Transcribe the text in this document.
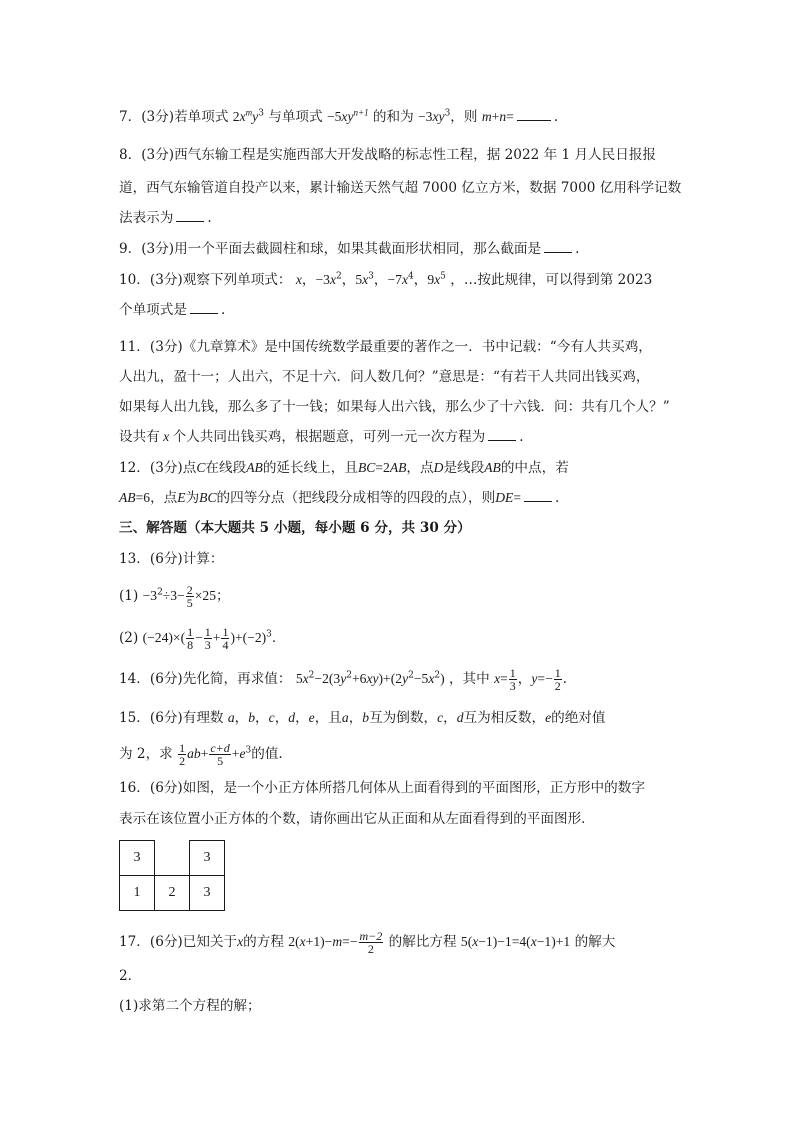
7．(3分)若单项式 $2x^my^3$ 与单项式 $-5xy^{n+1}$ 的和为 $-3xy^3$，则 m+n=	.
8．(3分)西气东输工程是实施西部大开发战略的标志性工程，据 2022 年 1 月人民日报报
道，西气东输管道自投产以来，累计输送天然气超 7000 亿立方米，数据 7000 亿用科学记数
法表示为	.
9．(3分)用一个平面去截圆柱和球，如果其截面形状相同，那么截面是	.
10．(3分)观察下列单项式： x，$-3x^2$，$5x^3$，$-7x^4$，$9x^5$ ，…按此规律，可以得到第 2023
个单项式是	.
11．(3分)《九章算术》是中国传统数学最重要的著作之一．书中记载：“今有人共买鸡，
人出九，盈十一；人出六，不足十六．问人数几何？”意思是：“有若干人共同出钱买鸡，
如果每人出九钱，那么多了十一钱；如果每人出六钱，那么少了十六钱．问：共有几个人？”
设共有 x 个人共同出钱买鸡，根据题意，可列一元一次方程为	.
12．(3分)点C在线段AB的延长线上，且BC=2AB，点D是线段AB的中点，若
AB=6，点E为BC的四等分点（把线段分成相等的四段的点），则DE=	.
三、解答题（本大题共 5 小题，每小题 6 分，共 30 分）
13．(6分)计算：
$(1) -3^2\div 3- \frac{2}{5} \times 25$；
(2) $(-24)\times( \frac{1}{8} - \frac{1}{3} + \frac{1}{4} )+(-2)^3$．
14．(6分)先化简，再求值： $5x^2-2(3y^2+6xy)+(2y^2-5x^2)$ ，其中 $x= \frac{1}{3}$ ，$y=- \frac{1}{2}$ ．
15．(6分)有理数 a，b，c，d，e，且a，b互为倒数，c，d互为相反数，e的绝对值
为 2，求 $\frac{1}{2} ab+ \frac{c+d}{5} +e^3$的值.
16．(6分)如图，是一个小正方体所搭几何体从上面看得到的平面图形，正方形中的数字
表示在该位置小正方体的个数，请你画出它从正面和从左面看得到的平面图形．
3		3
1	2	3
17．(6分)已知关于x的方程 $2(x+1)-m=- \frac{m-2}{2}$ 的解比方程 5(x−1)−1=4(x−1)+1 的解大
2．
(1)求第二个方程的解；
